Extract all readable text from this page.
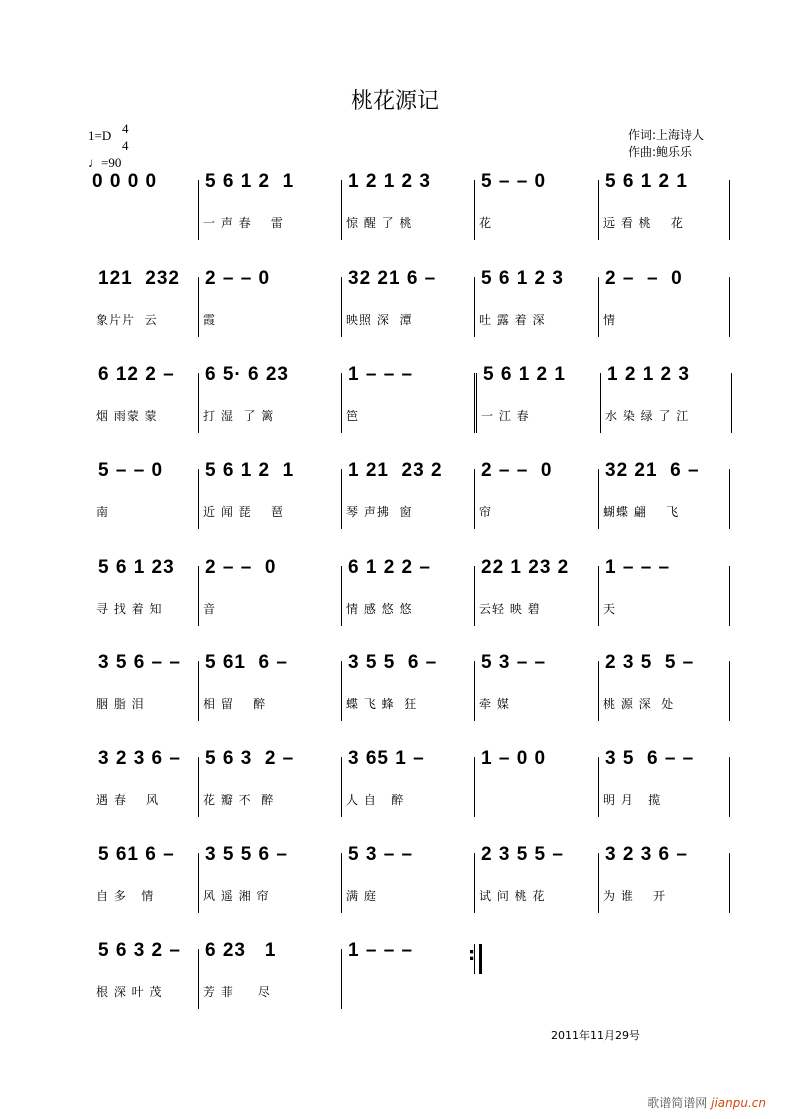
桃花源记
1=D 4
4
♩=90
作词:上海诗人
作曲:鲍乐乐
0 0 0 0	5 6 1 2  1
一 声 春    雷
1 2 1 2 3
惊 醒 了 桃
5 – – 0
花
5 6 1 2 1
远 看 桃    花
121  232
象片片  云
2 – – 0
霞
32 21 6 –
映照 深  潭
5 6 1 2 3
吐 露 着 深
2 –  –  0
情
6 12 2 –
烟 雨蒙 蒙
6 5· 6 23
打 湿  了 篱
1 – – –
笆
5 6 1 2 1
一 江 春
1 2 1 2 3
水 染 绿 了 江
5 – – 0
南
5 6 1 2  1
近 闻 琵    琶
1 21  23 2
琴 声拂  窗
2 – –  0
帘
32 21  6 –
蝴蝶 翩    飞
5 6 1 23
寻 找 着 知
2 – –  0
音
6 1 2 2 –
情 感 悠 悠
22 1 23 2
云轻 映 碧
1 – – –
天
3 5 6 – –
胭 脂 泪
5 61  6 –
相 留    醉
3 5 5  6 –
蝶 飞 蜂  狂
5 3 – –
牵 媒
2 3 5  5 –
桃 源 深  处
3 2 3 6 –
遇 春    风
5 6 3  2 –
花 瓣 不  醉
3 65 1 –
人 自   醉
1 – 0 0	3 5  6 – –
明 月   揽
5 61 6 –
自 多   情
3 5 5 6 –
风 遥 湘 帘
5 3 – –
满 庭
2 3 5 5 –
试 问 桃 花
3 2 3 6 –
为 谁    开
5 6 3 2 –
根 深 叶 茂
6 23   1
芳 菲     尽
1 – – –	:
2011年11月29号
歌谱简谱网 jianpu.cn
